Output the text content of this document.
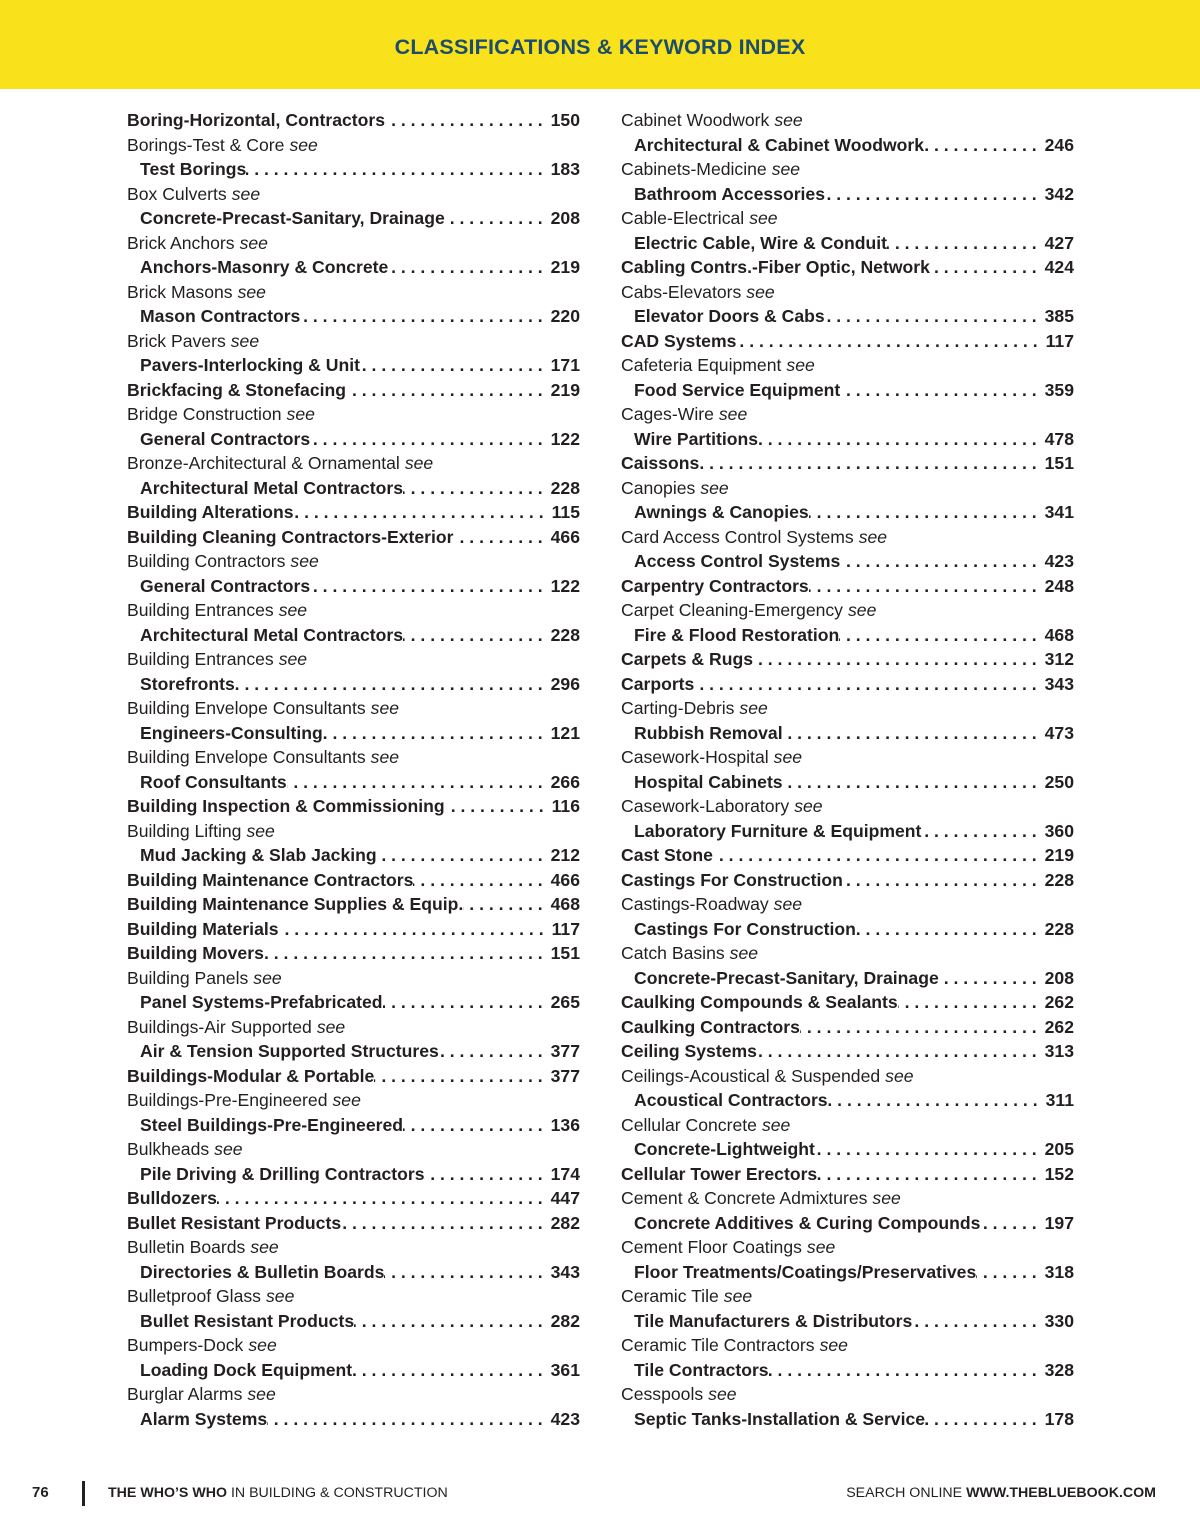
CLASSIFICATIONS & KEYWORD INDEX
Boring-Horizontal, Contractors . . .	150
Borings-Test & Core see
Test Borings . . .	183
Box Culverts see
Concrete-Precast-Sanitary, Drainage . . .	208
Brick Anchors see
Anchors-Masonry & Concrete . . .	219
Brick Masons see
Mason Contractors . . .	220
Brick Pavers see
Pavers-Interlocking & Unit . . .	171
Brickfacing & Stonefacing . . .	219
Bridge Construction see
General Contractors . . .	122
Bronze-Architectural & Ornamental see
Architectural Metal Contractors . . .	228
Building Alterations . . .	115
Building Cleaning Contractors-Exterior . . .	466
Building Contractors see
General Contractors . . .	122
Building Entrances see
Architectural Metal Contractors . . .	228
Building Entrances see
Storefronts . . .	296
Building Envelope Consultants see
Engineers-Consulting . . .	121
Building Envelope Consultants see
Roof Consultants . . .	266
Building Inspection & Commissioning . . .	116
Building Lifting see
Mud Jacking & Slab Jacking . . .	212
Building Maintenance Contractors . . .	466
Building Maintenance Supplies & Equip. . . .	468
Building Materials . . .	117
Building Movers . . .	151
Building Panels see
Panel Systems-Prefabricated . . .	265
Buildings-Air Supported see
Air & Tension Supported Structures . . .	377
Buildings-Modular & Portable . . .	377
Buildings-Pre-Engineered see
Steel Buildings-Pre-Engineered . . .	136
Bulkheads see
Pile Driving & Drilling Contractors . . .	174
Bulldozers . . .	447
Bullet Resistant Products . . .	282
Bulletin Boards see
Directories & Bulletin Boards . . .	343
Bulletproof Glass see
Bullet Resistant Products . . .	282
Bumpers-Dock see
Loading Dock Equipment . . .	361
Burglar Alarms see
Alarm Systems . . .	423
Cabinet Woodwork see
Architectural & Cabinet Woodwork . . .	246
Cabinets-Medicine see
Bathroom Accessories . . .	342
Cable-Electrical see
Electric Cable, Wire & Conduit . . .	427
Cabling Contrs.-Fiber Optic, Network . . .	424
Cabs-Elevators see
Elevator Doors & Cabs . . .	385
CAD Systems . . .	117
Cafeteria Equipment see
Food Service Equipment . . .	359
Cages-Wire see
Wire Partitions . . .	478
Caissons . . .	151
Canopies see
Awnings & Canopies . . .	341
Card Access Control Systems see
Access Control Systems . . .	423
Carpentry Contractors . . .	248
Carpet Cleaning-Emergency see
Fire & Flood Restoration . . .	468
Carpets & Rugs . . .	312
Carports . . .	343
Carting-Debris see
Rubbish Removal . . .	473
Casework-Hospital see
Hospital Cabinets . . .	250
Casework-Laboratory see
Laboratory Furniture & Equipment . . .	360
Cast Stone . . .	219
Castings For Construction . . .	228
Castings-Roadway see
Castings For Construction . . .	228
Catch Basins see
Concrete-Precast-Sanitary, Drainage . . .	208
Caulking Compounds & Sealants . . .	262
Caulking Contractors . . .	262
Ceiling Systems . . .	313
Ceilings-Acoustical & Suspended see
Acoustical Contractors . . .	311
Cellular Concrete see
Concrete-Lightweight . . .	205
Cellular Tower Erectors . . .	152
Cement & Concrete Admixtures see
Concrete Additives & Curing Compounds . . .	197
Cement Floor Coatings see
Floor Treatments/Coatings/Preservatives . . .	318
Ceramic Tile see
Tile Manufacturers & Distributors . . .	330
Ceramic Tile Contractors see
Tile Contractors . . .	328
Cesspools see
Septic Tanks-Installation & Service . . .	178
76	THE WHO’S WHO IN BUILDING & CONSTRUCTION	SEARCH ONLINE WWW.THEBLUEBOOK.COM
